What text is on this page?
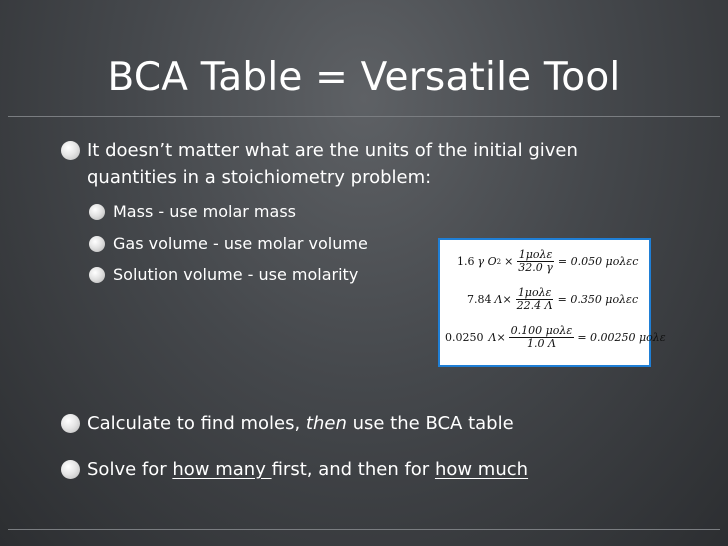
BCA Table = Versatile Tool
It doesn’t matter what are the units of the initial given
quantities in a stoichiometry problem:
Mass - use molar mass
Gas volume - use molar volume
Solution volume - use molarity
1.6 γ O $2 \times \frac{\text{1μολε}}{32.0 \gamma} = 0.050$ μολεс
7.84 $\Lambda \times \frac{\text{1μολε}}{22.4 \Lambda} = 0.350$ μολεс
0.0250 $\Lambda \times \frac{\text{0.100 μολε}}{1.0 \Lambda} = 0.00250$ μολε
Calculate to find moles, then use the BCA table
Solve for how many first, and then for how much
